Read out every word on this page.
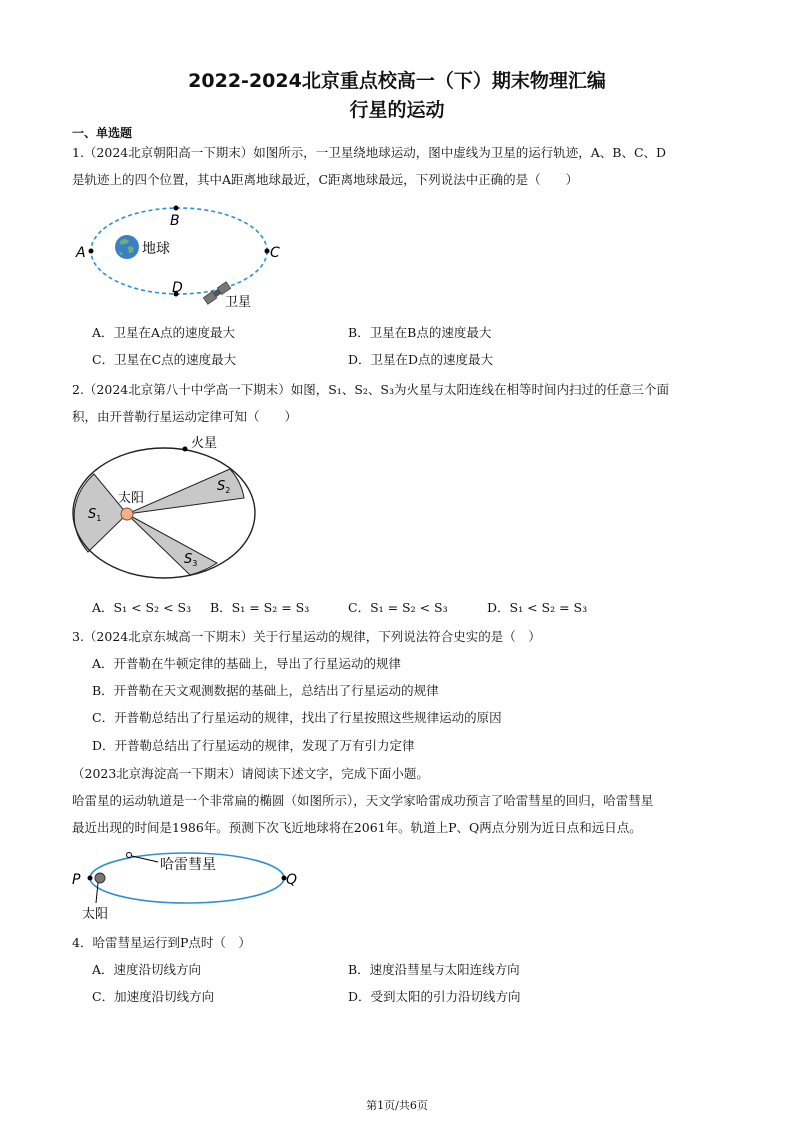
2022-2024北京重点校高一（下）期末物理汇编
行星的运动
一、单选题
1.（2024北京朝阳高一下期末）如图所示，一卫星绕地球运动，图中虚线为卫星的运行轨迹，A、B、C、D
是轨迹上的四个位置，其中A距离地球最近，C距离地球最远，下列说法中正确的是（　　）
A
B
C
D
地球
卫星
A．卫星在A点的速度最大	B．卫星在B点的速度最大
C．卫星在C点的速度最大	D．卫星在D点的速度最大
2.（2024北京第八十中学高一下期末）如图，S₁、S₂、S₃为火星与太阳连线在相等时间内扫过的任意三个面
积，由开普勒行星运动定律可知（　　）
火星
太阳
$S_1$
$S_2$
$S_3$
A．S₁ < S₂ < S₃ B．S₁ = S₂ = S₃	C．S₁ = S₂ < S₃	D．S₁ < S₂ = S₃
3.（2024北京东城高一下期末）关于行星运动的规律，下列说法符合史实的是（　）
A．开普勒在牛顿定律的基础上，导出了行星运动的规律
B．开普勒在天文观测数据的基础上，总结出了行星运动的规律
C．开普勒总结出了行星运动的规律，找出了行星按照这些规律运动的原因
D．开普勒总结出了行星运动的规律，发现了万有引力定律
（2023北京海淀高一下期末）请阅读下述文字，完成下面小题。
哈雷星的运动轨道是一个非常扁的椭圆（如图所示），天文学家哈雷成功预言了哈雷彗星的回归，哈雷彗星
最近出现的时间是1986年。预测下次飞近地球将在2061年。轨道上P、Q两点分别为近日点和远日点。
哈雷彗星
太阳
P	Q
4．哈雷彗星运行到P点时（　）
A．速度沿切线方向	B．速度沿彗星与太阳连线方向
C．加速度沿切线方向	D．受到太阳的引力沿切线方向
第1页/共6页
